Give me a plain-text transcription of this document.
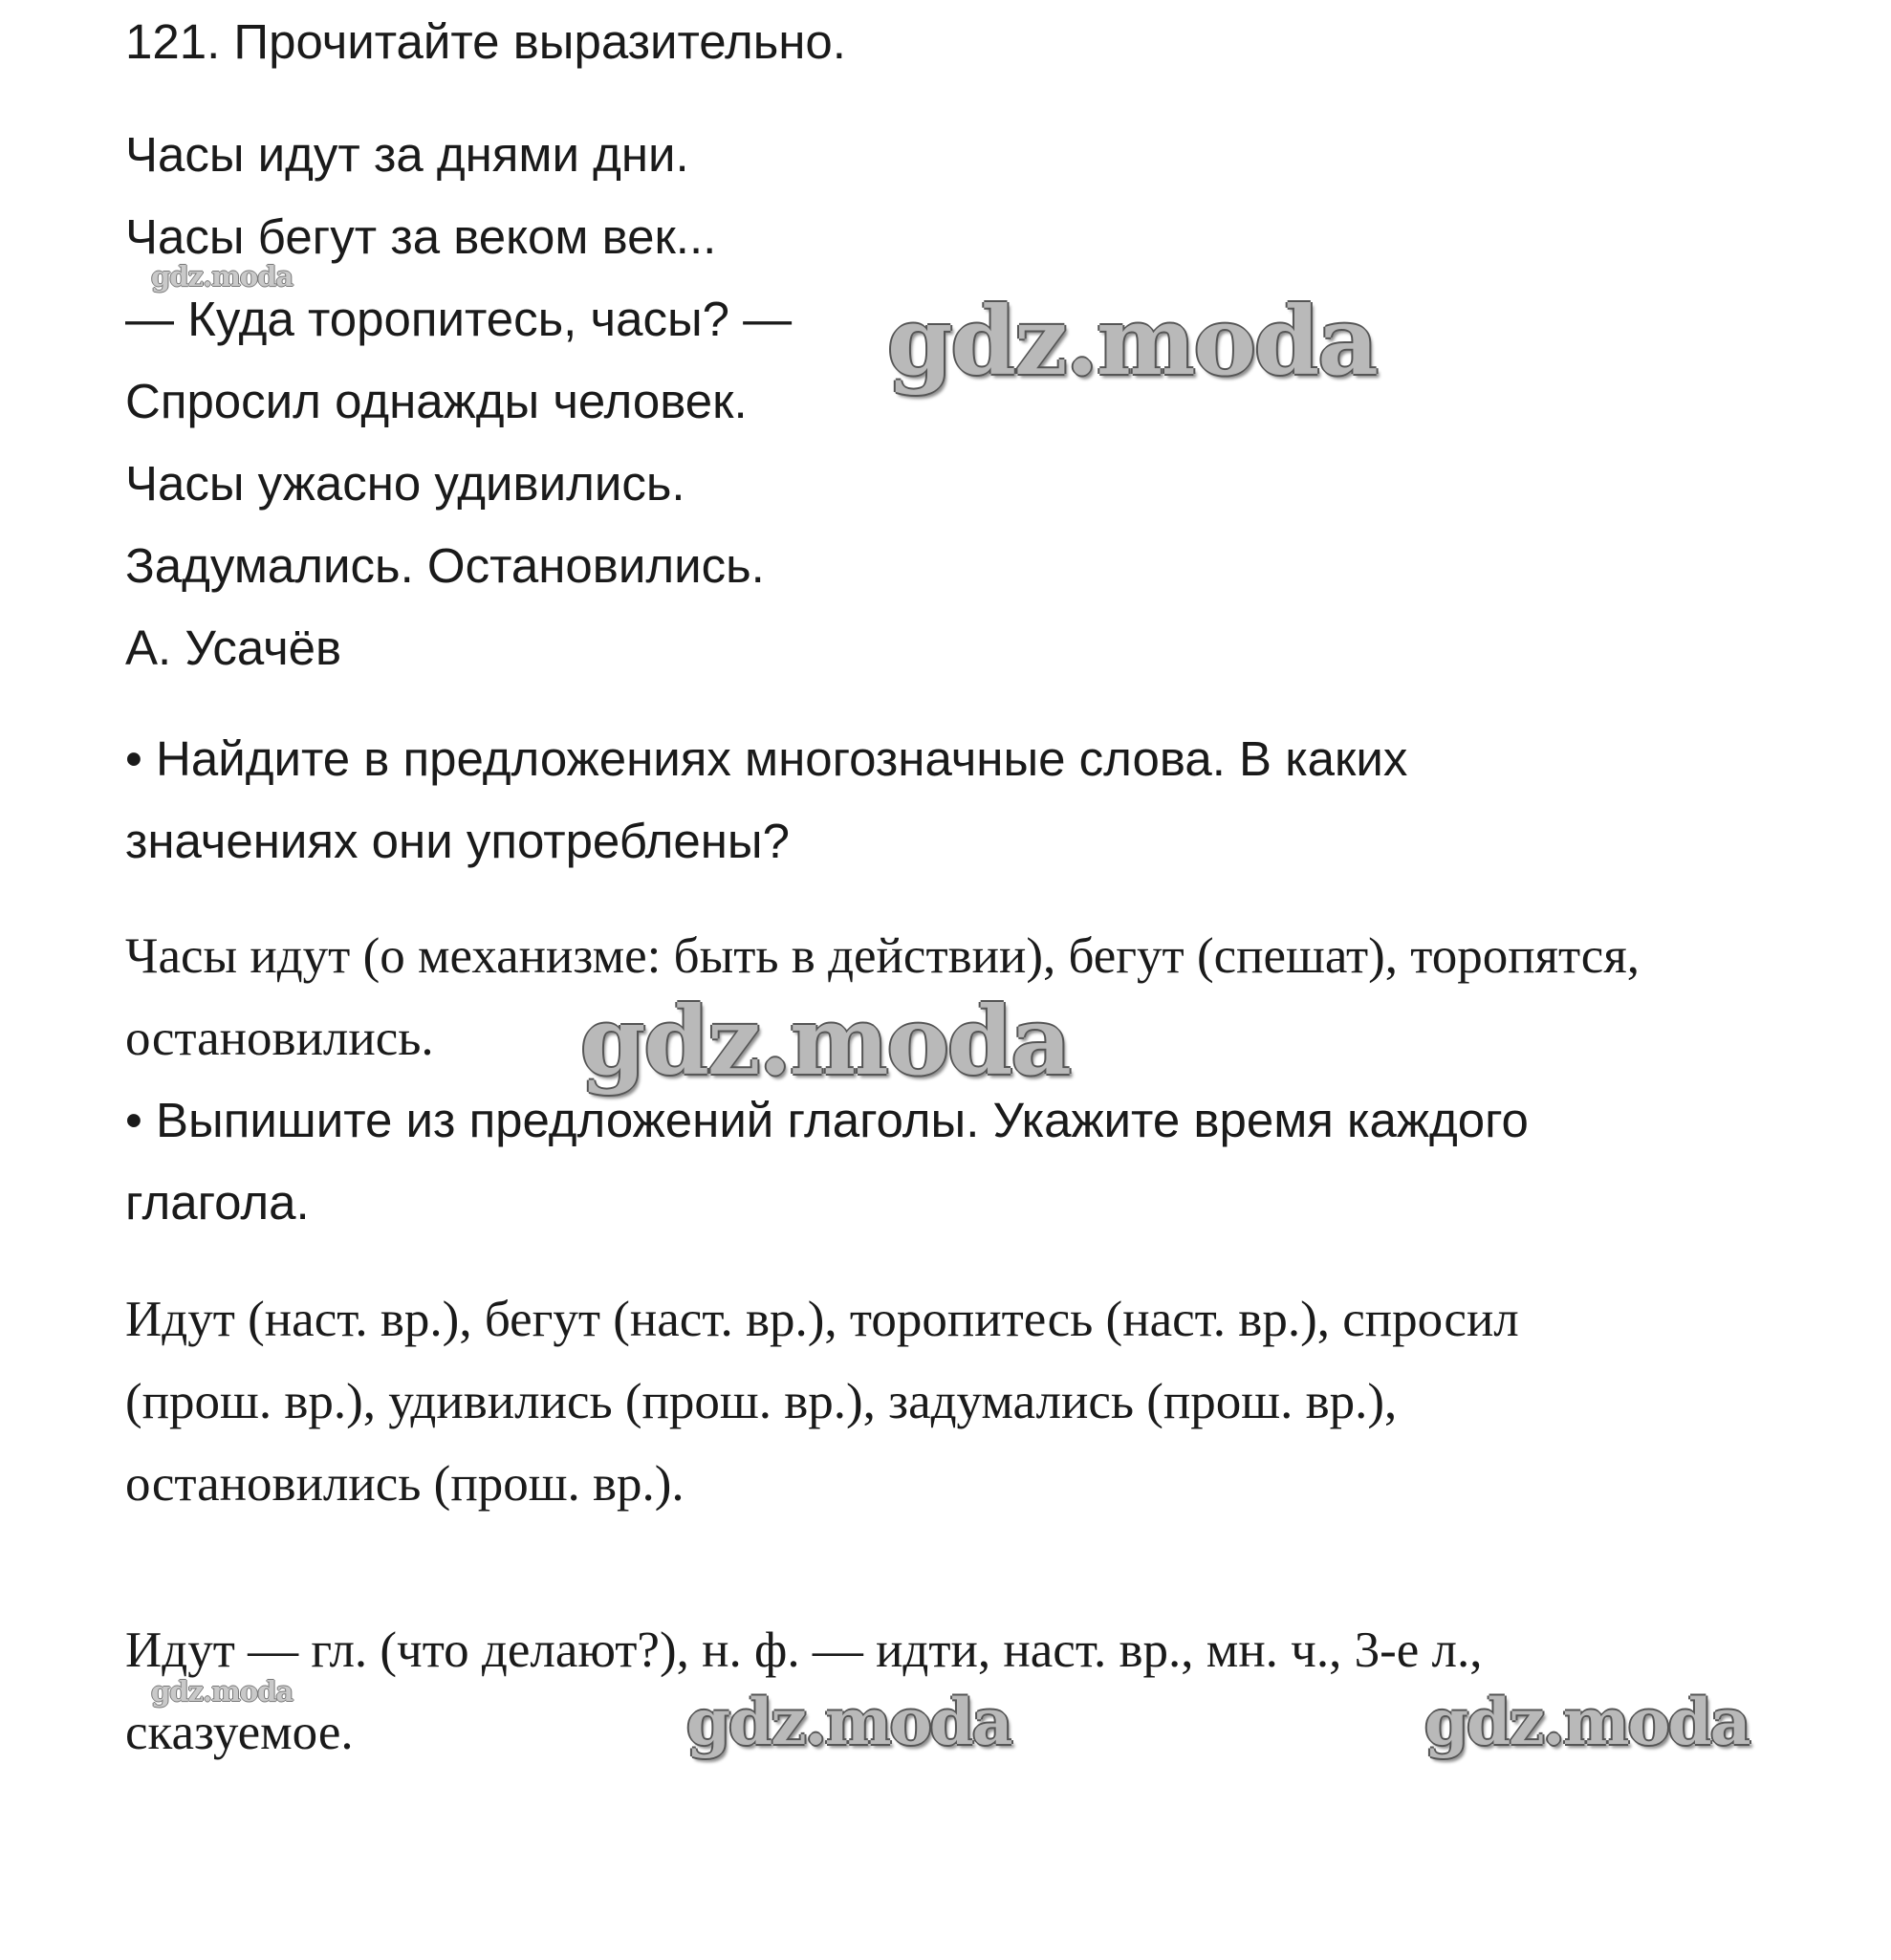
121. Прочитайте выразительно.

Часы идут за днями дни.

Часы бегут за веком век...

— Куда торопитесь, часы? —

Спросил однажды человек.

Часы ужасно удивились.

Задумались. Остановились.

А. Усачёв

• Найдите в предложениях многозначные слова. В каких

значениях они употреблены?

Часы идут (о механизме: быть в действии), бегут (спешат), торопятся,

остановились.

• Выпишите из предложений глаголы. Укажите время каждого

глагола.

Идут (наст. вр.), бегут (наст. вр.), торопитесь (наст. вр.), спросил

(прош. вр.), удивились (прош. вр.), задумались (прош. вр.),

остановились (прош. вр.).

Идут — гл. (что делают?), н. ф. — идти, наст. вр., мн. ч., 3-е л.,

сказуемое.

gdz.moda
gdz.moda
gdz.moda
gdz.moda	gdz.moda	gdz.moda
